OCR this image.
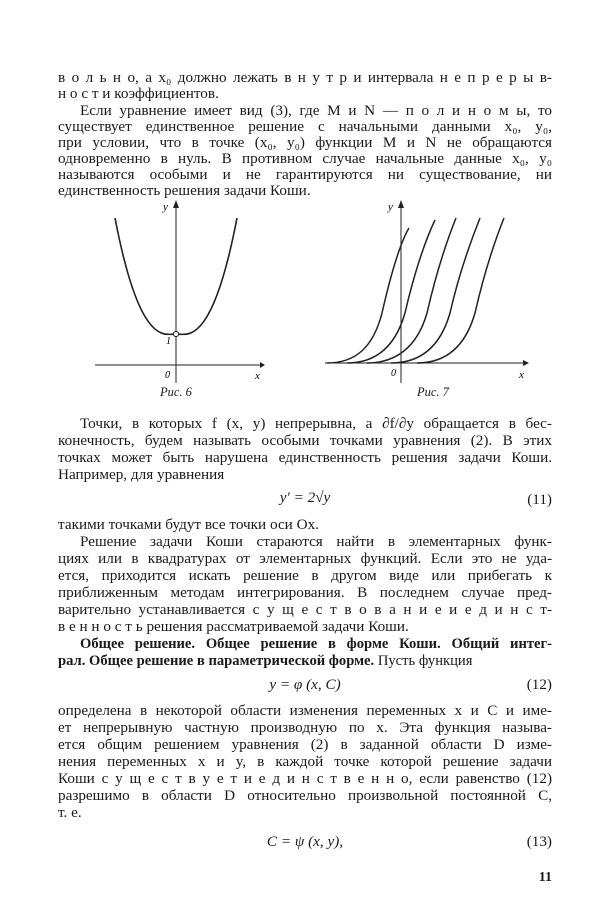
в о л ь н о, а x₀ должно лежать в н у т р и интервала н е п р е р ы в-
н о с т и коэффициентов.
Если уравнение имеет вид (3), где M и N — п о л и н о м ы, то
существует единственное решение с начальными данными x₀, y₀,
при условии, что в точке (x₀, y₀) функции M и N не обращаются
одновременно в нуль. В противном случае начальные данные x₀, y₀
называются особыми и не гарантируются ни существование, ни
единственность решения задачи Коши.
y
x
0
1
Рис. 6
y
x
0
Рис. 7
Точки, в которых f (x, y) непрерывна, а ∂f/∂y обращается в бес-
конечность, будем называть особыми точками уравнения (2). В этих
точках может быть нарушена единственность решения задачи Коши.
Например, для уравнения
y′ = 2√y	(11)
такими точками будут все точки оси Ox.
Решение задачи Коши стараются найти в элементарных функ-
циях или в квадратурах от элементарных функций. Если это не уда-
ется, приходится искать решение в другом виде или прибегать к
приближенным методам интегрирования. В последнем случае пред-
варительно устанавливается с у щ е с т в о в а н и е и е д и н с т-
в е н н о с т ь решения рассматриваемой задачи Коши.
Общее решение. Общее решение в форме Коши. Общий интег-
рал. Общее решение в параметрической форме. Пусть функция
y = φ (x, C)	(12)
определена в некоторой области изменения переменных x и C и име-
ет непрерывную частную производную по x. Эта функция называ-
ется общим решением уравнения (2) в заданной области D изме-
нения переменных x и y, в каждой точке которой решение задачи
Коши с у щ е с т в у е т и е д и н с т в е н н о, если равенство (12)
разрешимо в области D относительно произвольной постоянной C,
т. е.
C = ψ (x, y),	(13)
11
